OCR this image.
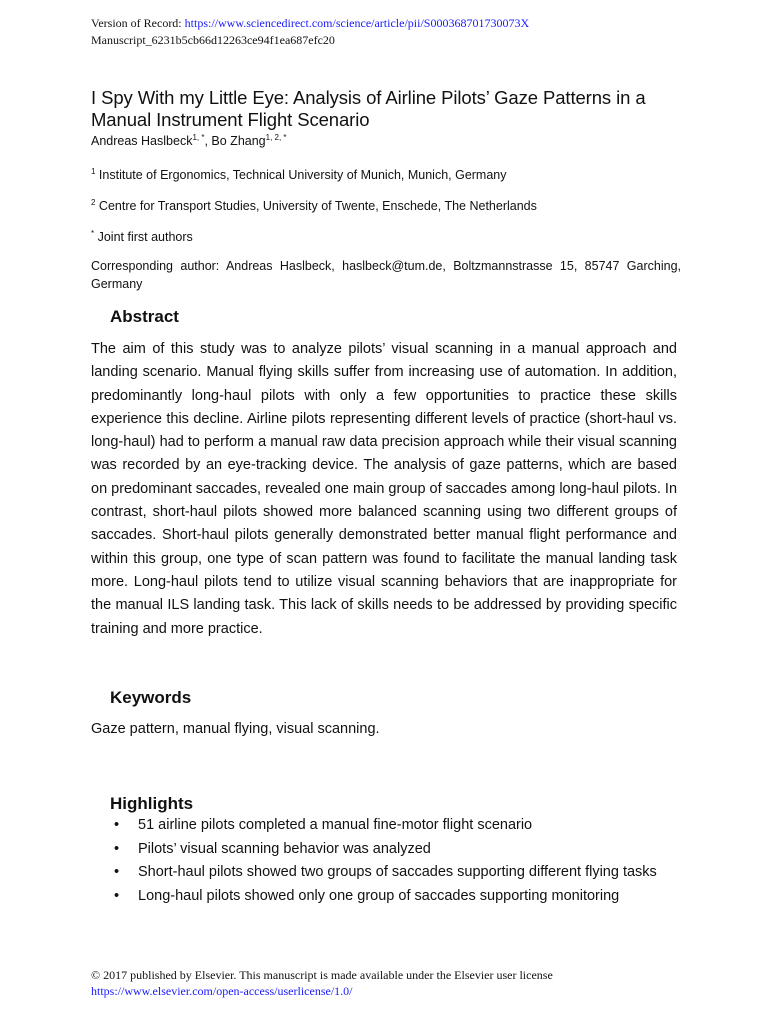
Version of Record: https://www.sciencedirect.com/science/article/pii/S000368701730073X
Manuscript_6231b5cb66d12263ce94f1ea687efc20
I Spy With my Little Eye: Analysis of Airline Pilots’ Gaze Patterns in a Manual Instrument Flight Scenario
Andreas Haslbeck$^{1, *}$, Bo Zhang$^{1, 2, *}$
$^1$ Institute of Ergonomics, Technical University of Munich, Munich, Germany
$^2$ Centre for Transport Studies, University of Twente, Enschede, The Netherlands
* Joint first authors
Corresponding author: Andreas Haslbeck, haslbeck@tum.de, Boltzmannstrasse 15, 85747 Garching, Germany
Abstract
The aim of this study was to analyze pilots’ visual scanning in a manual approach and landing scenario. Manual flying skills suffer from increasing use of automation. In addition, predominantly long-haul pilots with only a few opportunities to practice these skills experience this decline. Airline pilots representing different levels of practice (short-haul vs. long-haul) had to perform a manual raw data precision approach while their visual scanning was recorded by an eye-tracking device. The analysis of gaze patterns, which are based on predominant saccades, revealed one main group of saccades among long-haul pilots. In contrast, short-haul pilots showed more balanced scanning using two different groups of saccades. Short-haul pilots generally demonstrated better manual flight performance and within this group, one type of scan pattern was found to facilitate the manual landing task more. Long-haul pilots tend to utilize visual scanning behaviors that are inappropriate for the manual ILS landing task. This lack of skills needs to be addressed by providing specific training and more practice.
Keywords
Gaze pattern, manual flying, visual scanning.
Highlights
• 51 airline pilots completed a manual fine-motor flight scenario
• Pilots’ visual scanning behavior was analyzed
• Short-haul pilots showed two groups of saccades supporting different flying tasks
• Long-haul pilots showed only one group of saccades supporting monitoring
© 2017 published by Elsevier. This manuscript is made available under the Elsevier user license
https://www.elsevier.com/open-access/userlicense/1.0/
